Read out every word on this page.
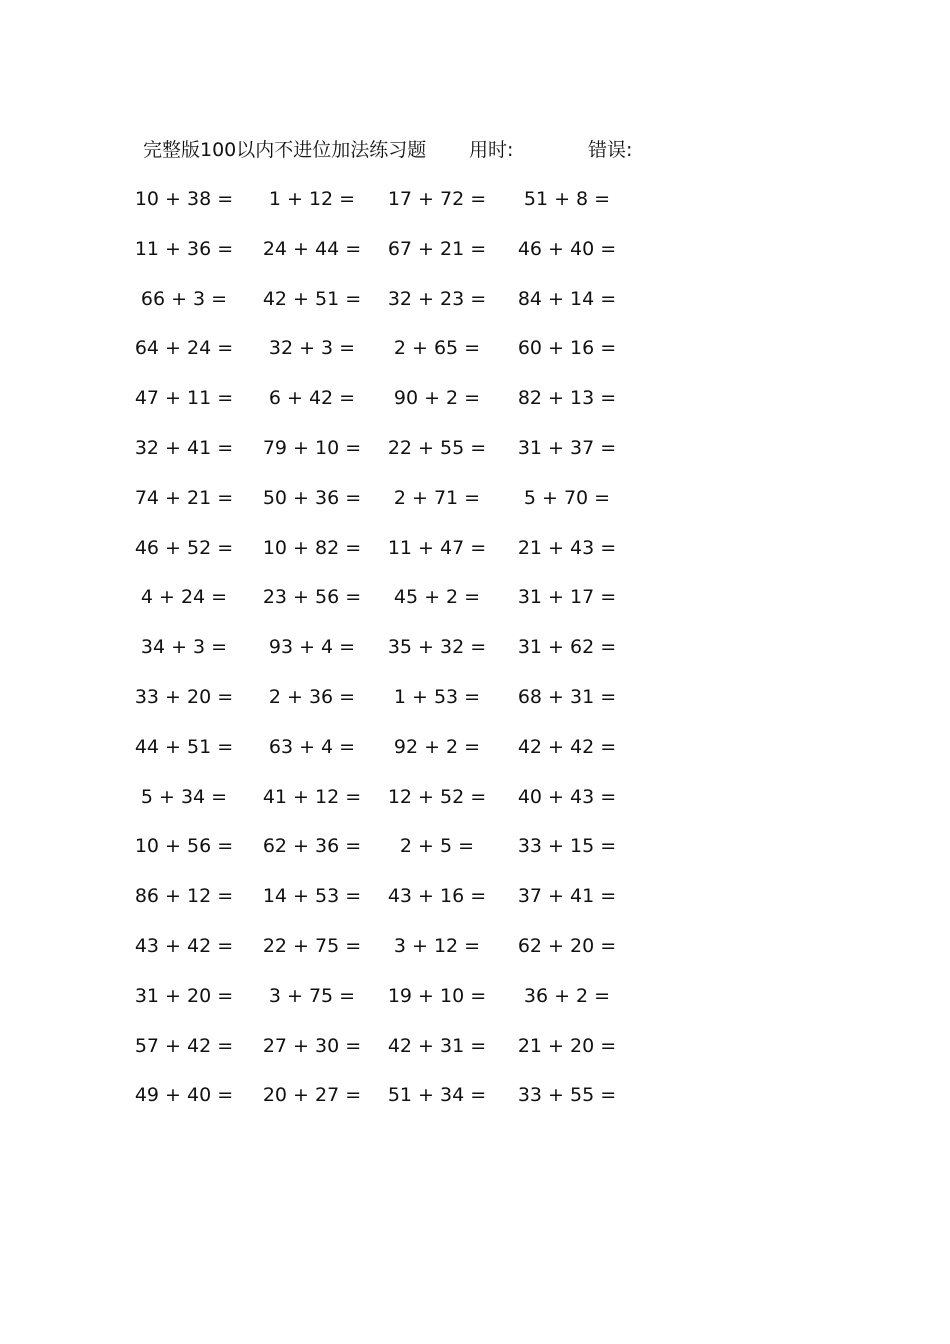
完整版100以内不进位加法练习题 用时:	错误:
10 + 38 = 1 + 12 = 17 + 72 = 51 + 8 =
11 + 36 = 24 + 44 = 67 + 21 = 46 + 40 =
66 + 3 = 42 + 51 = 32 + 23 = 84 + 14 =
64 + 24 = 32 + 3 = 2 + 65 = 60 + 16 =
47 + 11 = 6 + 42 = 90 + 2 = 82 + 13 =
32 + 41 = 79 + 10 = 22 + 55 = 31 + 37 =
74 + 21 = 50 + 36 = 2 + 71 = 5 + 70 =
46 + 52 = 10 + 82 = 11 + 47 = 21 + 43 =
4 + 24 = 23 + 56 = 45 + 2 = 31 + 17 =
34 + 3 = 93 + 4 = 35 + 32 = 31 + 62 =
33 + 20 = 2 + 36 = 1 + 53 = 68 + 31 =
44 + 51 = 63 + 4 = 92 + 2 = 42 + 42 =
5 + 34 = 41 + 12 = 12 + 52 = 40 + 43 =
10 + 56 = 62 + 36 = 2 + 5 = 33 + 15 =
86 + 12 = 14 + 53 = 43 + 16 = 37 + 41 =
43 + 42 = 22 + 75 = 3 + 12 = 62 + 20 =
31 + 20 = 3 + 75 = 19 + 10 = 36 + 2 =
57 + 42 = 27 + 30 = 42 + 31 = 21 + 20 =
49 + 40 = 20 + 27 = 51 + 34 = 33 + 55 =
